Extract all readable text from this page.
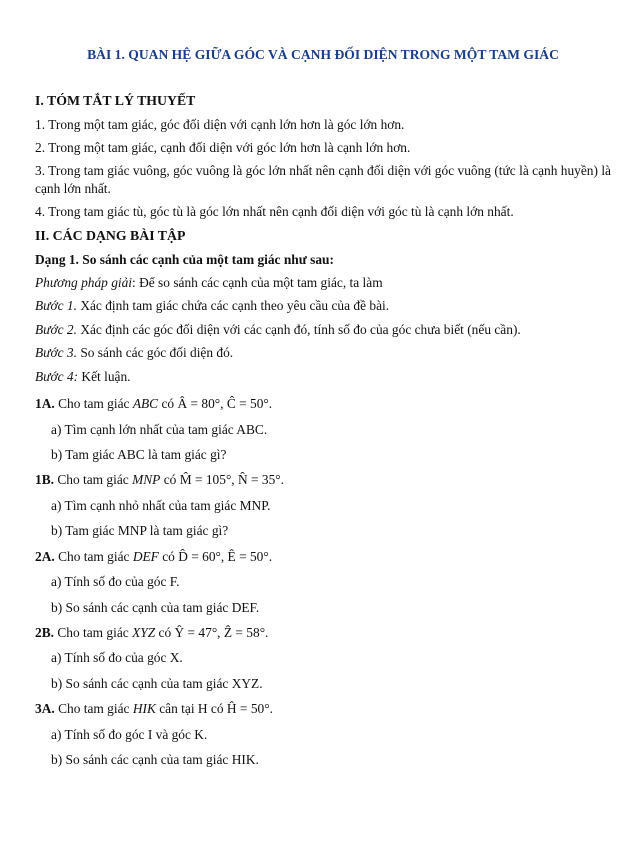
BÀI 1. QUAN HỆ GIỮA GÓC VÀ CẠNH ĐỐI DIỆN TRONG MỘT TAM GIÁC
I. TÓM TẮT LÝ THUYẾT
1. Trong một tam giác, góc đối diện với cạnh lớn hơn là góc lớn hơn.
2. Trong một tam giác, cạnh đối diện với góc lớn hơn là cạnh lớn hơn.
3. Trong tam giác vuông, góc vuông là góc lớn nhất nên cạnh đối diện với góc vuông (tức là cạnh huyền) là cạnh lớn nhất.
4. Trong tam giác tù, góc tù là góc lớn nhất nên cạnh đối diện với góc tù là cạnh lớn nhất.
II. CÁC DẠNG BÀI TẬP
Dạng 1. So sánh các cạnh của một tam giác như sau:
Phương pháp giải: Để so sánh các cạnh của một tam giác, ta làm
Bước 1. Xác định tam giác chứa các cạnh theo yêu cầu của đề bài.
Bước 2. Xác định các góc đối diện với các cạnh đó, tính số đo của góc chưa biết (nếu cần).
Bước 3. So sánh các góc đối diện đó.
Bước 4: Kết luận.
1A. Cho tam giác ABC có Â = 80°, Ĉ = 50°.
a) Tìm cạnh lớn nhất của tam giác ABC.
b) Tam giác ABC là tam giác gì?
1B. Cho tam giác MNP có M̂ = 105°, N̂ = 35°.
a) Tìm cạnh nhỏ nhất của tam giác MNP.
b) Tam giác MNP là tam giác gì?
2A. Cho tam giác DEF có D̂ = 60°, Ê = 50°.
a) Tính số đo của góc F.
b) So sánh các cạnh của tam giác DEF.
2B. Cho tam giác XYZ có Ŷ = 47°, Ẑ = 58°.
a) Tính số đo của góc X.
b) So sánh các cạnh của tam giác XYZ.
3A. Cho tam giác HIK cân tại H có Ĥ = 50°.
a) Tính số đo góc I và góc K.
b) So sánh các cạnh của tam giác HIK.
